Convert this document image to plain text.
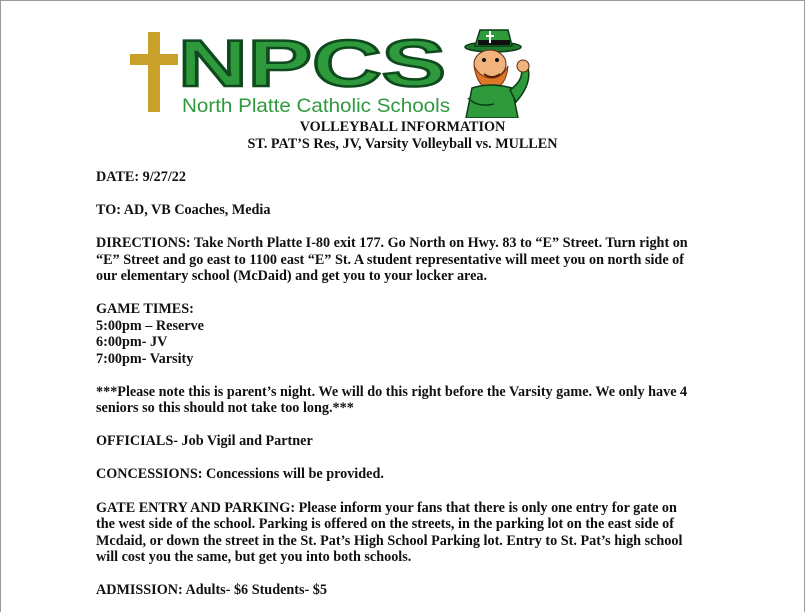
NPCS
North Platte Catholic Schools
VOLLEYBALL INFORMATION
ST. PAT’S Res, JV, Varsity Volleyball vs. MULLEN
DATE: 9/27/22
TO: AD, VB Coaches, Media
DIRECTIONS: Take North Platte I-80 exit 177. Go North on Hwy. 83 to “E” Street. Turn right on
“E” Street and go east to 1100 east “E” St. A student representative will meet you on north side of
our elementary school (McDaid) and get you to your locker area.
GAME TIMES:
5:00pm – Reserve
6:00pm- JV
7:00pm- Varsity
***Please note this is parent’s night. We will do this right before the Varsity game. We only have 4
seniors so this should not take too long.***
OFFICIALS- Job Vigil and Partner
CONCESSIONS: Concessions will be provided.
GATE ENTRY AND PARKING: Please inform your fans that there is only one entry for gate on
the west side of the school. Parking is offered on the streets, in the parking lot on the east side of
Mcdaid, or down the street in the St. Pat’s High School Parking lot. Entry to St. Pat’s high school
will cost you the same, but get you into both schools.
ADMISSION: Adults- $6 Students- $5
